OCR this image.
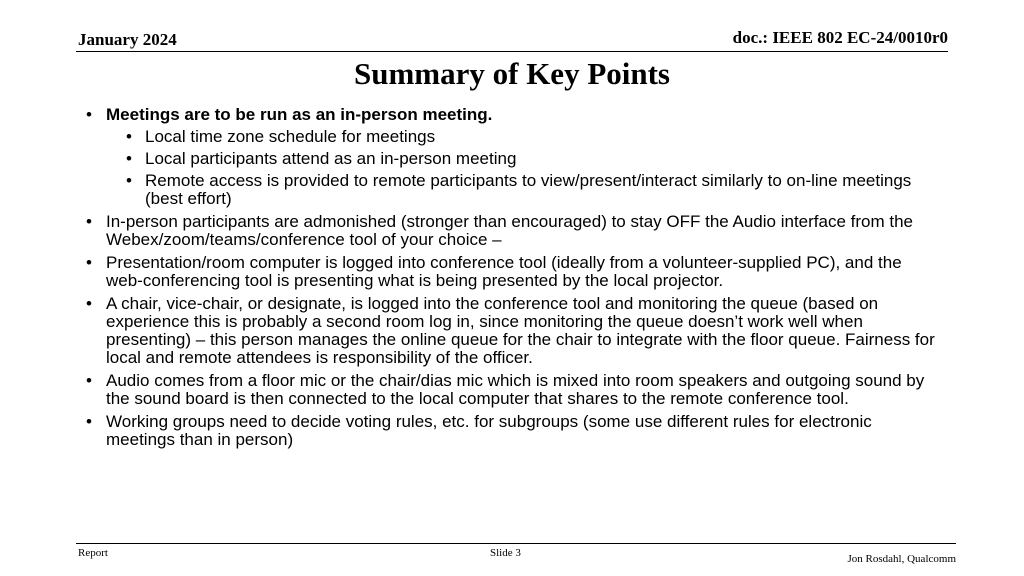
January 2024	doc.: IEEE 802 EC-24/0010r0
Summary of Key Points
• Meetings are to be run as an in-person meeting.
• Local time zone schedule for meetings
• Local participants attend as an in-person meeting
• Remote access is provided to remote participants to view/present/interact similarly to on-line meetings (best effort)
• In-person participants are admonished (stronger than encouraged) to stay OFF the Audio interface from the Webex/zoom/teams/conference tool of your choice –
• Presentation/room computer is logged into conference tool (ideally from a volunteer-supplied PC), and the web-conferencing tool is presenting what is being presented by the local projector.
• A chair, vice-chair, or designate, is logged into the conference tool and monitoring the queue (based on experience this is probably a second room log in, since monitoring the queue doesn’t work well when presenting) – this person manages the online queue for the chair to integrate with the floor queue. Fairness for local and remote attendees is responsibility of the officer.
• Audio comes from a floor mic or the chair/dias mic which is mixed into room speakers and outgoing sound by the sound board is then connected to the local computer that shares to the remote conference tool.
• Working groups need to decide voting rules, etc. for subgroups (some use different rules for electronic meetings than in person)
Report	Slide 3	Jon Rosdahl, Qualcomm
